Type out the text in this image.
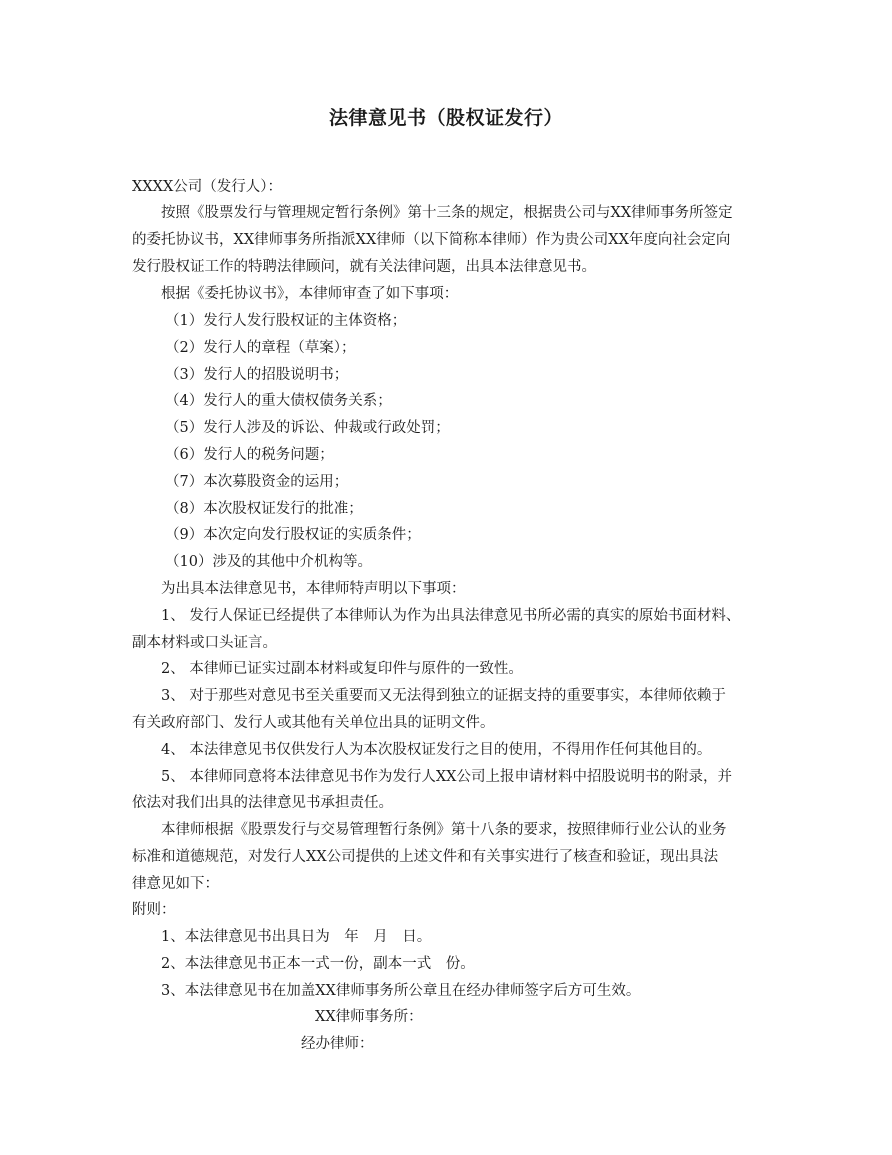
法律意见书（股权证发行）
XXXX公司（发行人）：
按照《股票发行与管理规定暂行条例》第十三条的规定，根据贵公司与XX律师事务所签定
的委托协议书，XX律师事务所指派XX律师（以下简称本律师）作为贵公司XX年度向社会定向
发行股权证工作的特聘法律顾问，就有关法律问题，出具本法律意见书。
根据《委托协议书》，本律师审查了如下事项：
（1）发行人发行股权证的主体资格；
（2）发行人的章程（草案）；
（3）发行人的招股说明书；
（4）发行人的重大债权债务关系；
（5）发行人涉及的诉讼、仲裁或行政处罚；
（6）发行人的税务问题；
（7）本次募股资金的运用；
（8）本次股权证发行的批准；
（9）本次定向发行股权证的实质条件；
（10）涉及的其他中介机构等。
为出具本法律意见书，本律师特声明以下事项：
1、 发行人保证已经提供了本律师认为作为出具法律意见书所必需的真实的原始书面材料、
副本材料或口头证言。
2、 本律师已证实过副本材料或复印件与原件的一致性。
3、 对于那些对意见书至关重要而又无法得到独立的证据支持的重要事实，本律师依赖于
有关政府部门、发行人或其他有关单位出具的证明文件。
4、 本法律意见书仅供发行人为本次股权证发行之目的使用，不得用作任何其他目的。
5、 本律师同意将本法律意见书作为发行人XX公司上报申请材料中招股说明书的附录，并
依法对我们出具的法律意见书承担责任。
本律师根据《股票发行与交易管理暂行条例》第十八条的要求，按照律师行业公认的业务
标准和道德规范，对发行人XX公司提供的上述文件和有关事实进行了核查和验证，现出具法
律意见如下：
附则：
1、本法律意见书出具日为　年　月　日。
2、本法律意见书正本一式一份，副本一式　份。
3、本法律意见书在加盖XX律师事务所公章且在经办律师签字后方可生效。
XX律师事务所：
经办律师：
